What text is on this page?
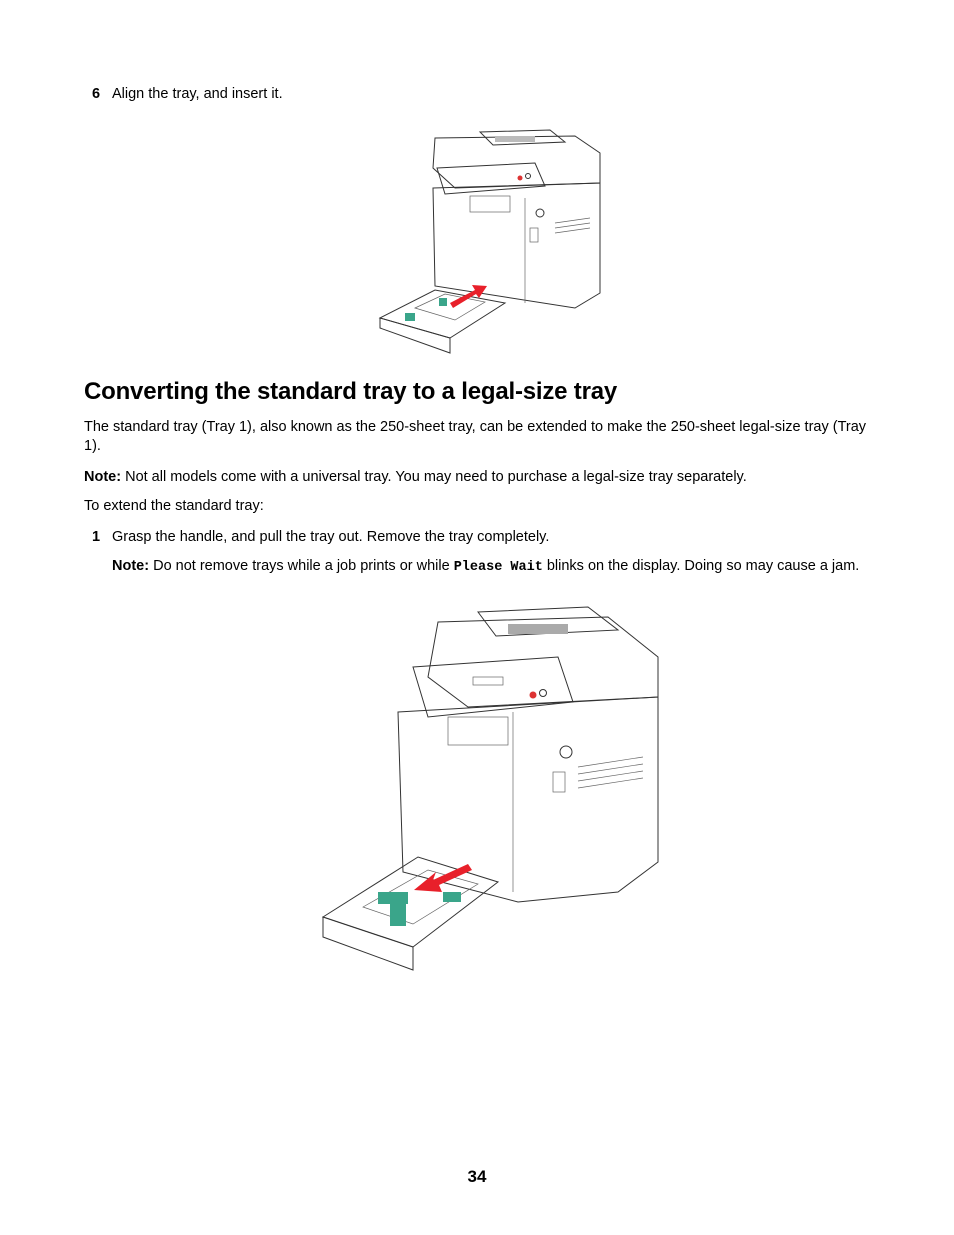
6 Align the tray, and insert it.
Converting the standard tray to a legal-size tray

The standard tray (Tray 1), also known as the 250-sheet tray, can be extended to make the 250-sheet legal-size tray (Tray 1).

Note: Not all models come with a universal tray. You may need to purchase a legal-size tray separately.

To extend the standard tray:

1 Grasp the handle, and pull the tray out. Remove the tray completely.

Note: Do not remove trays while a job prints or while Please Wait blinks on the display. Doing so may cause a jam.

34
